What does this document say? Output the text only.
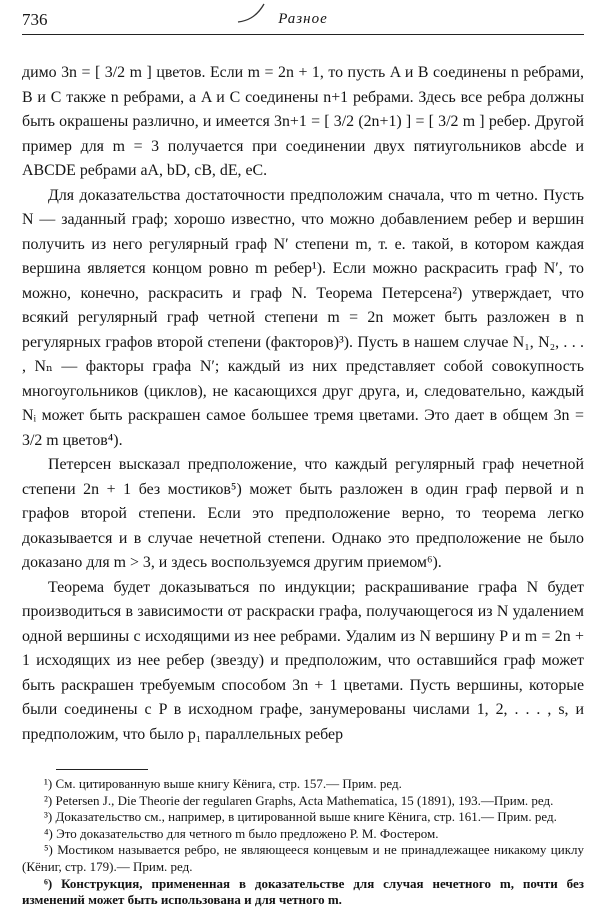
736	Разное

димо 3n = [ 3/2 m ] цветов. Если m = 2n + 1, то пусть A и B соединены n ребрами, B и C также n ребрами, а A и C соединены n+1 ребрами. Здесь все ребра должны быть окрашены различно, и имеется 3n+1 = [ 3/2 (2n+1) ] = [ 3/2 m ] ребер. Другой пример для m = 3 получается при соединении двух пятиугольников abcde и ABCDE ребрами aA, bD, cB, dE, eC.

Для доказательства достаточности предположим сначала, что m четно. Пусть N — заданный граф; хорошо известно, что можно добавлением ребер и вершин получить из него регулярный граф N′ степени m, т. е. такой, в котором каждая вершина является концом ровно m ребер¹). Если можно раскрасить граф N′, то можно, конечно, раскрасить и граф N. Теорема Петерсена²) утверждает, что всякий регулярный граф четной степени m = 2n может быть разложен в n регулярных графов второй степени (факторов)³). Пусть в нашем случае N₁, N₂, . . . , Nₙ — факторы графа N′; каждый из них представляет собой совокупность многоугольников (циклов), не касающихся друг друга, и, следовательно, каждый Nᵢ может быть раскрашен самое большее тремя цветами. Это дает в общем 3n = 3/2 m цветов⁴).

Петерсен высказал предположение, что каждый регулярный граф нечетной степени 2n + 1 без мостиков⁵) может быть разложен в один граф первой и n графов второй степени. Если это предположение верно, то теорема легко доказывается и в случае нечетной степени. Однако это предположение не было доказано для m > 3, и здесь воспользуемся другим приемом⁶).

Теорема будет доказываться по индукции; раскрашивание графа N будет производиться в зависимости от раскраски графа, получающегося из N удалением одной вершины с исходящими из нее ребрами. Удалим из N вершину P и m = 2n + 1 исходящих из нее ребер (звезду) и предположим, что оставшийся граф может быть раскрашен требуемым способом 3n + 1 цветами. Пусть вершины, которые были соединены с P в исходном графе, занумерованы числами 1, 2, . . . , s, и предположим, что было p₁ параллельных ребер

¹) См. цитированную выше книгу Кёнига, стр. 157.— Прим. ред.

²) Petersen J., Die Theorie der regularen Graphs, Acta Mathematica, 15 (1891), 193.—Прим. ред.

³) Доказательство см., например, в цитированной выше книге Кёнига, стр. 161.— Прим. ред.

⁴) Это доказательство для четного m было предложено Р. М. Фостером.

⁵) Мостиком называется ребро, не являющееся концевым и не принадлежащее никакому циклу (Кёниг, стр. 179).— Прим. ред.

⁶) Конструкция, примененная в доказательстве для случая нечетного m, почти без изменений может быть использована и для четного m.
